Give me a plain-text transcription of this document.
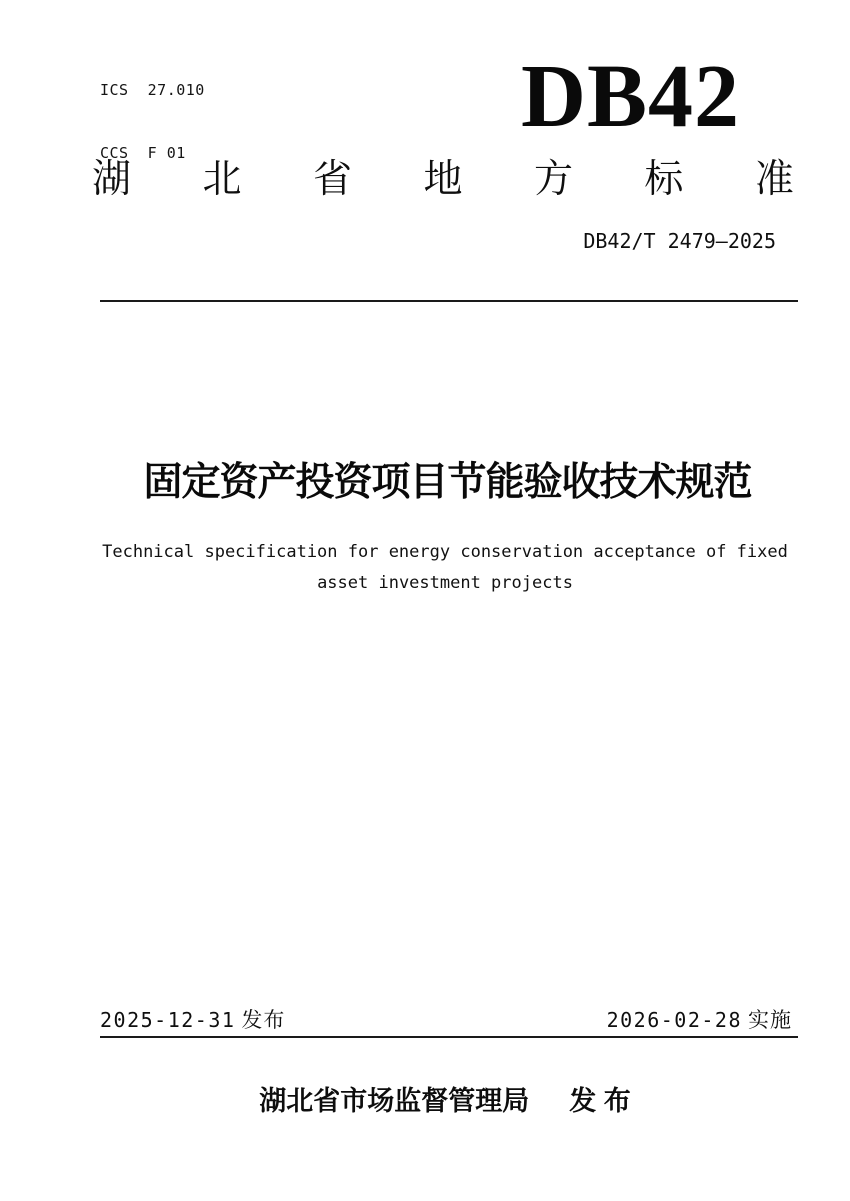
ICS  27.010

CCS  F 01

DB42
湖 北 省 地 方 标 准
DB42/T 2479—2025
固定资产投资项目节能验收技术规范
Technical specification for energy conservation acceptance of fixed
asset investment projects
2025-12-31 发布	2026-02-28 实施
湖北省市场监督管理局 发 布
